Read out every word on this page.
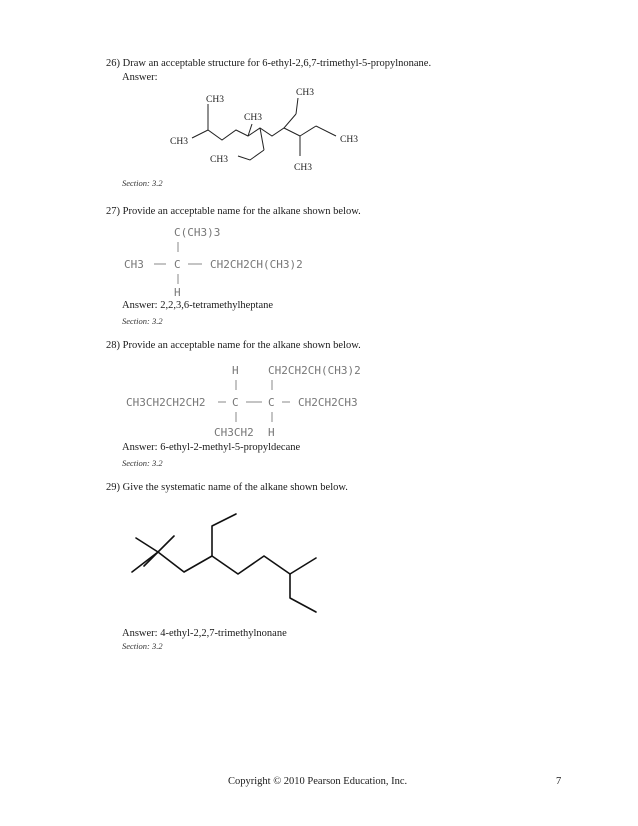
26) Draw an acceptable structure for 6-ethyl-2,6,7-trimethyl-5-propylnonane.
Answer:
CH3
CH3
CH3
CH3
CH3
CH3
CH3
Section: 3.2
27) Provide an acceptable name for the alkane shown below.
C(CH3)3
CH3	C	CH2CH2CH(CH3)2
H
Answer: 2,2,3,6-tetramethylheptane
Section: 3.2
28) Provide an acceptable name for the alkane shown below.
H	CH2CH2CH(CH3)2
CH3CH2CH2CH2 C	C CH2CH2CH3
CH3CH2 H
Answer: 6-ethyl-2-methyl-5-propyldecane
Section: 3.2
29) Give the systematic name of the alkane shown below.
Answer: 4-ethyl-2,2,7-trimethylnonane
Section: 3.2
Copyright © 2010 Pearson Education, Inc.	7
